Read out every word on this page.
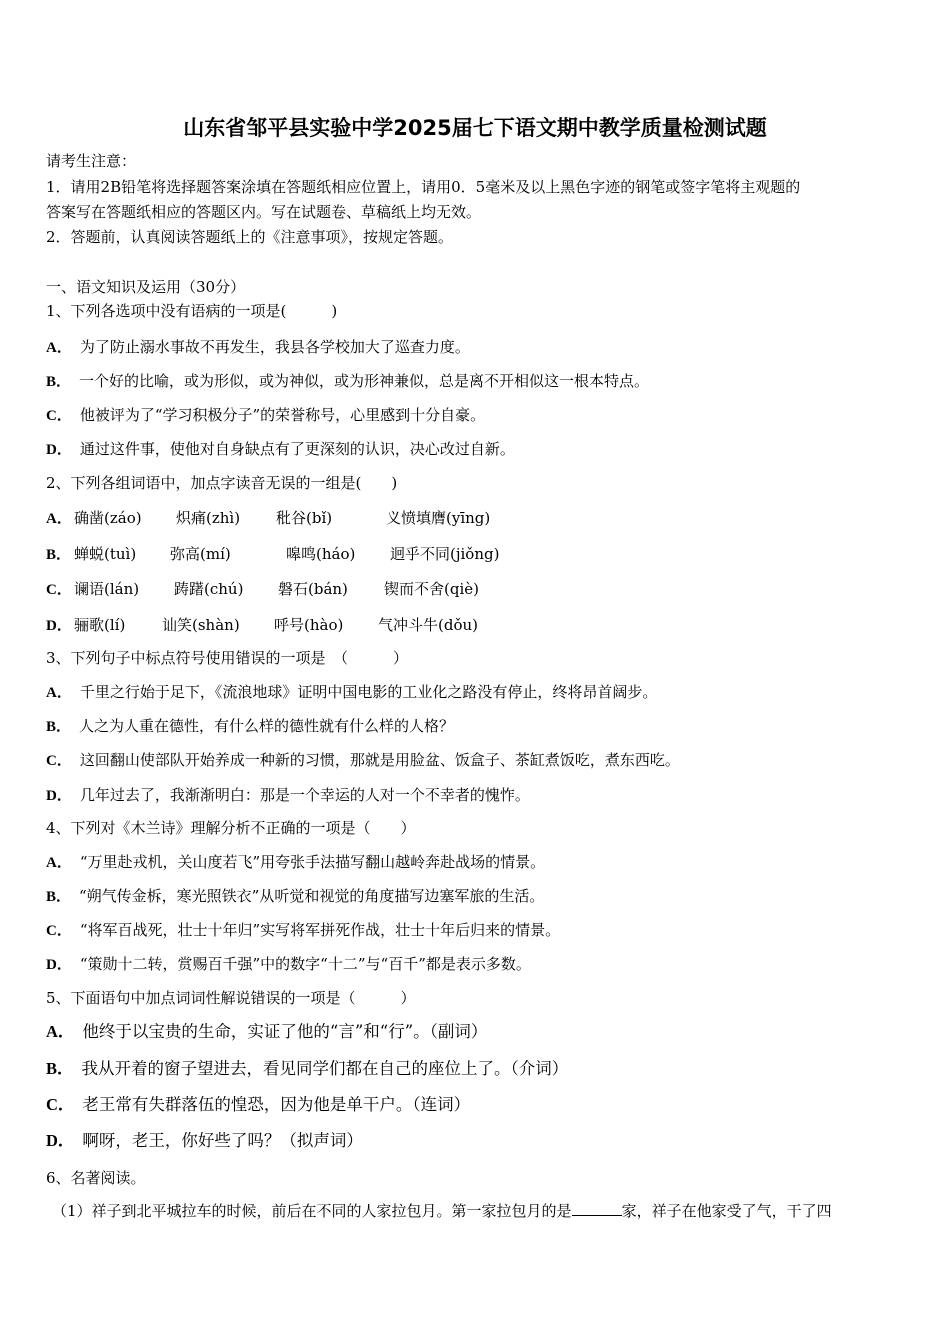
山东省邹平县实验中学2025届七下语文期中教学质量检测试题
请考生注意：
1．请用2B铅笔将选择题答案涂填在答题纸相应位置上，请用0．5毫米及以上黑色字迹的钢笔或签字笔将主观题的
答案写在答题纸相应的答题区内。写在试题卷、草稿纸上均无效。
2．答题前，认真阅读答题纸上的《注意事项》，按规定答题。
一、语文知识及运用（30分）
1、下列各选项中没有语病的一项是(　　　)
A． 为了防止溺水事故不再发生，我县各学校加大了巡查力度。
B． 一个好的比喻，或为形似，或为神似，或为形神兼似，总是离不开相似这一根本特点。
C． 他被评为了“学习积极分子”的荣誉称号，心里感到十分自豪。
D． 通过这件事，使他对自身缺点有了更深刻的认识，决心改过自新。
2、下列各组词语中，加点字读音无误的一组是(　　)
A． 确凿(záo) 炽痛(zhì) 秕谷(bǐ)	义愤填膺(yīng)
B． 蝉蜕(tuì) 弥高(mí)	嗥鸣(háo) 迥乎不同(jiǒng)
C． 谰语(lán) 踌躇(chú) 磐石(bán) 锲而不舍(qiè)
D． 骊歌(lí) 讪笑(shàn) 呼号(hào) 气冲斗牛(dǒu)
3、下列句子中标点符号使用错误的一项是　（　　　）
A． 千里之行始于足下，《流浪地球》证明中国电影的工业化之路没有停止，终将昂首阔步。
B． 人之为人重在德性，有什么样的德性就有什么样的人格？
C． 这回翻山使部队开始养成一种新的习惯，那就是用脸盆、饭盒子、茶缸煮饭吃，煮东西吃。
D． 几年过去了，我渐渐明白：那是一个幸运的人对一个不幸者的愧怍。
4、下列对《木兰诗》理解分析不正确的一项是（　　）
A． “万里赴戎机，关山度若飞”用夸张手法描写翻山越岭奔赴战场的情景。
B． “朔气传金柝，寒光照铁衣”从听觉和视觉的角度描写边塞军旅的生活。
C． “将军百战死，壮士十年归”实写将军拼死作战，壮士十年后归来的情景。
D． “策勋十二转，赏赐百千强”中的数字“十二”与“百千”都是表示多数。
5、下面语句中加点词词性解说错误的一项是（　　　）
A． 他终于以宝贵的生命，实证了他的“言”和“行”。（副词）
B． 我从开着的窗子望进去，看见同学们都在自己的座位上了。（介词）
C． 老王常有失群落伍的惶恐，因为他是单干户。（连词）
D． 啊呀，老王，你好些了吗？（拟声词）
6、名著阅读。
（1）祥子到北平城拉车的时候，前后在不同的人家拉包月。第一家拉包月的是	家，祥子在他家受了气，干了四
